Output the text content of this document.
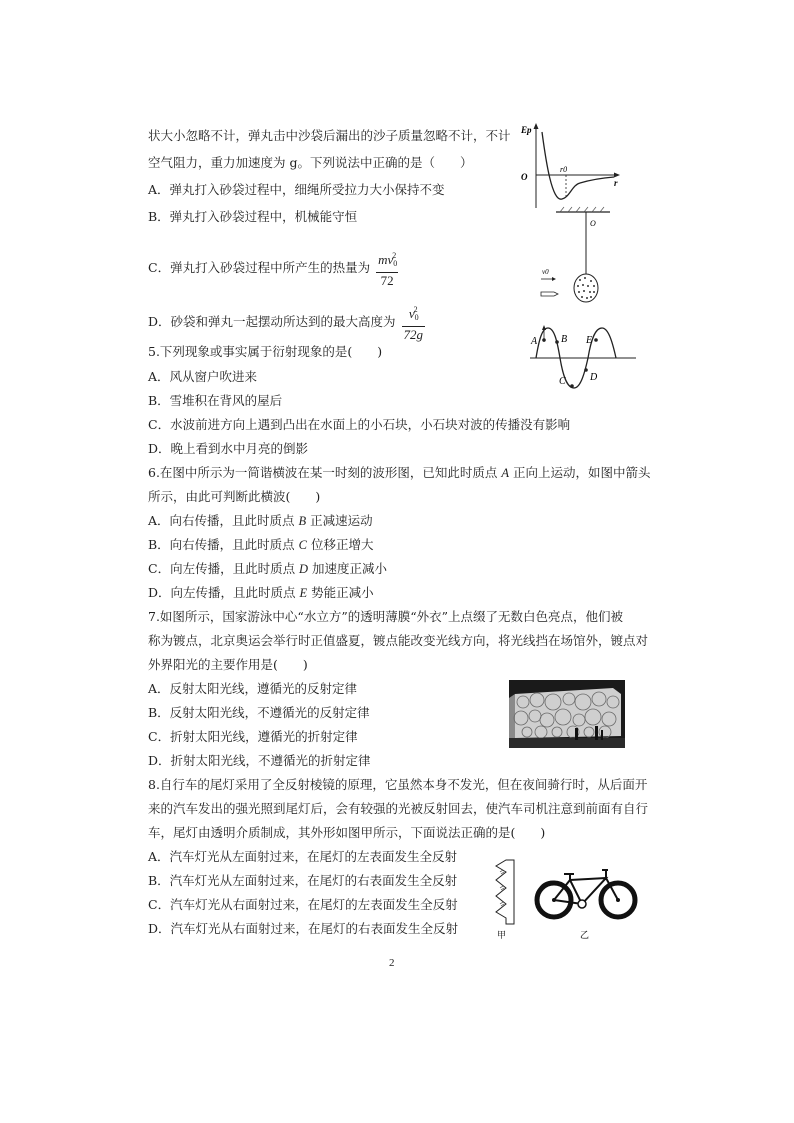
状大小忽略不计，弹丸击中沙袋后漏出的沙子质量忽略不计，不计
空气阻力，重力加速度为 g。下列说法中正确的是（　　）
A．弹丸打入砂袋过程中，细绳所受拉力大小保持不变
B．弹丸打入砂袋过程中，机械能守恒
C．弹丸打入砂袋过程中所产生的热量为 $\frac{mv0^2}{72}$
D．砂袋和弹丸一起摆动所达到的最大高度为 $\frac{v0^2}{72g}$
5.下列现象或事实属于衍射现象的是(　　)
A．风从窗户吹进来
B．雪堆积在背风的屋后
C．水波前进方向上遇到凸出在水面上的小石块，小石块对波的传播没有影响
D．晚上看到水中月亮的倒影
6.在图中所示为一简谐横波在某一时刻的波形图，已知此时质点 A 正向上运动，如图中箭头
所示，由此可判断此横波(　　)
A．向右传播，且此时质点 B 正减速运动
B．向右传播，且此时质点 C 位移正增大
C．向左传播，且此时质点 D 加速度正减小
D．向左传播，且此时质点 E 势能正减小
7.如图所示，国家游泳中心“水立方”的透明薄膜“外衣”上点缀了无数白色亮点，他们被
称为镀点，北京奥运会举行时正值盛夏，镀点能改变光线方向，将光线挡在场馆外，镀点对
外界阳光的主要作用是(　　)
A．反射太阳光线，遵循光的反射定律
B．反射太阳光线，不遵循光的反射定律
C．折射太阳光线，遵循光的折射定律
D．折射太阳光线，不遵循光的折射定律
8.自行车的尾灯采用了全反射棱镜的原理，它虽然本身不发光，但在夜间骑行时，从后面开
来的汽车发出的强光照到尾灯后，会有较强的光被反射回去，使汽车司机注意到前面有自行
车，尾灯由透明介质制成，其外形如图甲所示，下面说法正确的是(　　)
A．汽车灯光从左面射过来，在尾灯的左表面发生全反射
B．汽车灯光从左面射过来，在尾灯的右表面发生全反射
C．汽车灯光从右面射过来，在尾灯的左表面发生全反射
D．汽车灯光从右面射过来，在尾灯的右表面发生全反射
Ep
O
r0
r
O
v0
A B
C D
E
甲	乙
2
